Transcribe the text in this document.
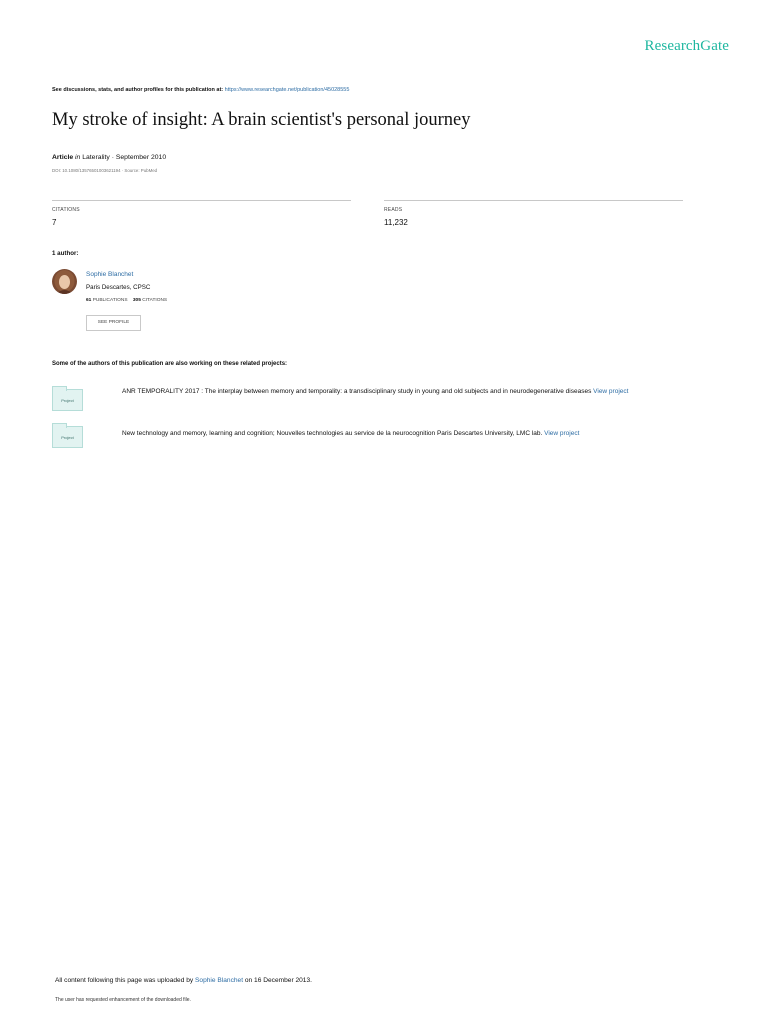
ResearchGate
See discussions, stats, and author profiles for this publication at: https://www.researchgate.net/publication/45028555
My stroke of insight: A brain scientist's personal journey
Article in Laterality · September 2010
DOI: 10.1080/13576501003621194 · Source: PubMed
CITATIONS
7
READS
11,232
1 author:
Sophie Blanchet
Paris Descartes, CPSC
61 PUBLICATIONS 305 CITATIONS
SEE PROFILE
Some of the authors of this publication are also working on these related projects:
Project
ANR TEMPORALITY 2017 : The interplay between memory and temporality: a transdisciplinary study in young and old subjects and in neurodegenerative diseases View project
Project
New technology and memory, learning and cognition; Nouvelles technologies au service de la neurocognition Paris Descartes University, LMC lab. View project
All content following this page was uploaded by Sophie Blanchet on 16 December 2013.
The user has requested enhancement of the downloaded file.
